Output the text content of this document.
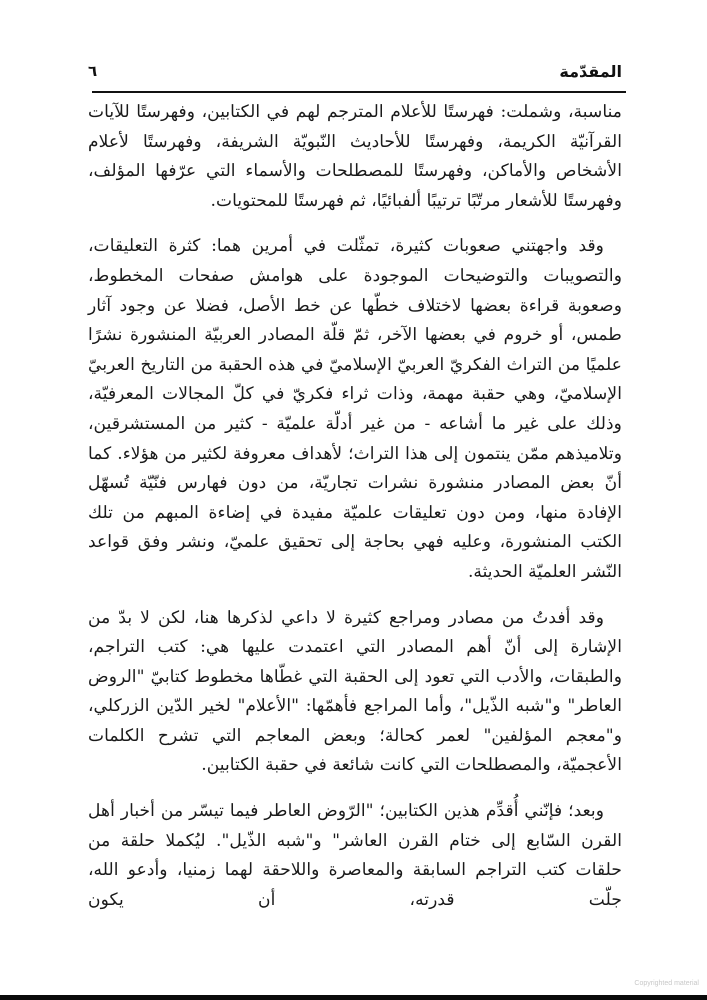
المقدّمة
٦

مناسبة، وشملت: فهرستًا للأعلام المترجم لهم في الكتابين، وفهرستًا للآيات القرآنيّة الكريمة، وفهرستًا للأحاديث النّبويّة الشريفة، وفهرستًا لأعلام الأشخاص والأماكن، وفهرستًا للمصطلحات والأسماء التي عرّفها المؤلف، وفهرستًا للأشعار مرتّبًا ترتيبًا ألفبائيًا، ثم فهرستًا للمحتويات.

وقد واجهتني صعوبات كثيرة، تمثّلت في أمرين هما: كثرة التعليقات، والتصويبات والتوضيحات الموجودة على هوامش صفحات المخطوط، وصعوبة قراءة بعضها لاختلاف خطّها عن خط الأصل، فضلا عن وجود آثار طمس، أو خروم في بعضها الآخر، ثمّ قلّة المصادر العربيّة المنشورة نشرًا علميًا من التراث الفكريّ العربيّ الإسلاميّ في هذه الحقبة من التاريخ العربيّ الإسلاميّ، وهي حقبة مهمة، وذات ثراء فكريّ في كلّ المجالات المعرفيّة، وذلك على غير ما أشاعه - من غير أدلّة علميّة - كثير من المستشرقين، وتلاميذهم ممّن ينتمون إلى هذا التراث؛ لأهداف معروفة لكثير من هؤلاء. كما أنّ بعض المصادر منشورة نشرات تجاريّة، من دون فهارس فنّيّة تُسهّل الإفادة منها، ومن دون تعليقات علميّة مفيدة في إضاءة المبهم من تلك الكتب المنشورة، وعليه فهي بحاجة إلى تحقيق علميّ، ونشر وفق قواعد النّشر العلميّة الحديثة.

وقد أفدتُ من مصادر ومراجع كثيرة لا داعي لذكرها هنا، لكن لا بدّ من الإشارة إلى أنّ أهم المصادر التي اعتمدت عليها هي: كتب التراجم، والطبقات، والأدب التي تعود إلى الحقبة التي غطّاها مخطوط كتابيّ "الروض العاطر" و"شبه الذّيل"، وأما المراجع فأهمّها: "الأعلام" لخير الدّين الزركلي، و"معجم المؤلفين" لعمر كحالة؛ وبعض المعاجم التي تشرح الكلمات الأعجميّة، والمصطلحات التي كانت شائعة في حقبة الكتابين.

وبعد؛ فإنّني أُقدِّم هذين الكتابين؛ "الرّوض العاطر فيما تيسّر من أخبار أهل القرن السّابع إلى ختام القرن العاشر" و"شبه الذّيل". ليُكملا حلقة من حلقات كتب التراجم السابقة والمعاصرة واللاحقة لهما زمنيا، وأدعو الله، جلّت قدرته، أن يكون

Copyrighted material
